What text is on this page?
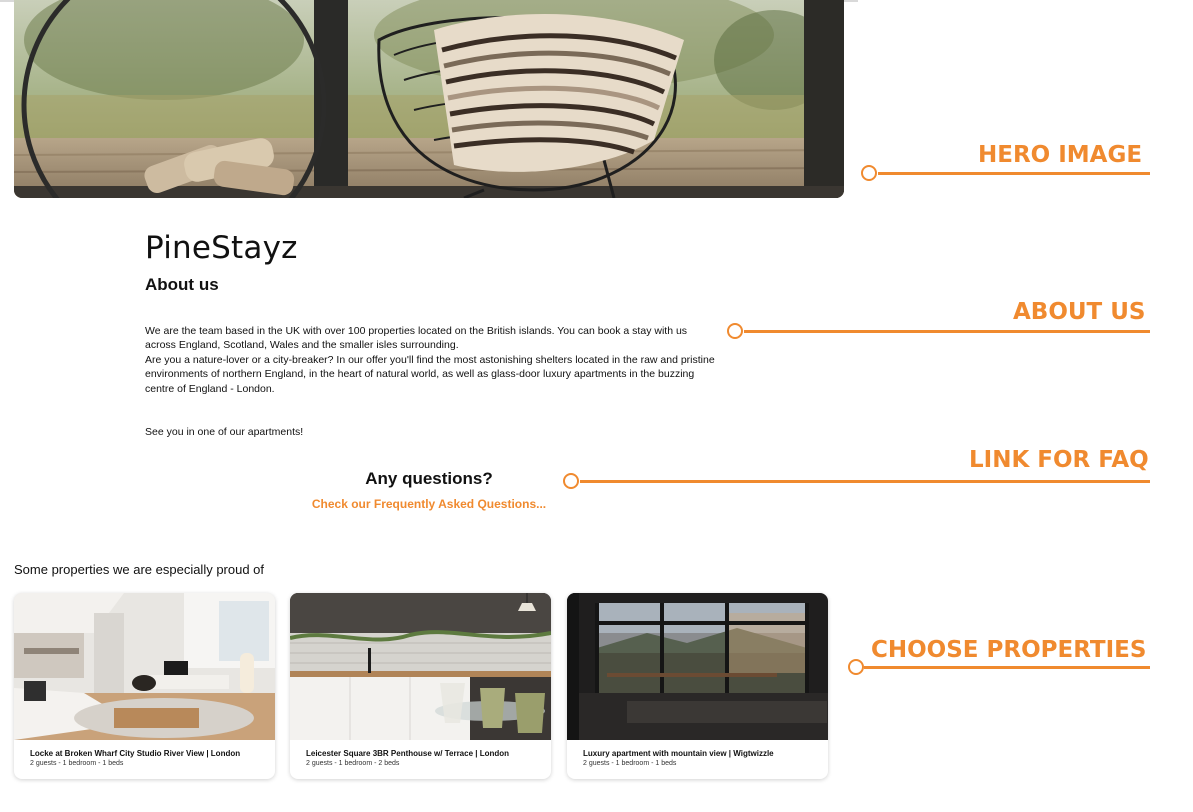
PineStayz
About us

We are the team based in the UK with over 100 properties located on the British islands. You can book a stay with us across England, Scotland, Wales and the smaller isles surrounding.

Are you a nature-lover or a city-breaker? In our offer you'll find the most astonishing shelters located in the raw and pristine environments of northern England, in the heart of natural world, as well as glass-door luxury apartments in the buzzing centre of England - London.

See you in one of our apartments!

Any questions?
Check our Frequently Asked Questions...
Some properties we are especially proud of
Locke at Broken Wharf City Studio River View | London
2 guests - 1 bedroom - 1 beds
Leicester Square 3BR Penthouse w/ Terrace | London
2 guests - 1 bedroom - 2 beds
Luxury apartment with mountain view | Wigtwizzle
2 guests - 1 bedroom - 1 beds
HERO IMAGE
ABOUT US
LINK FOR FAQ
CHOOSE PROPERTIES
